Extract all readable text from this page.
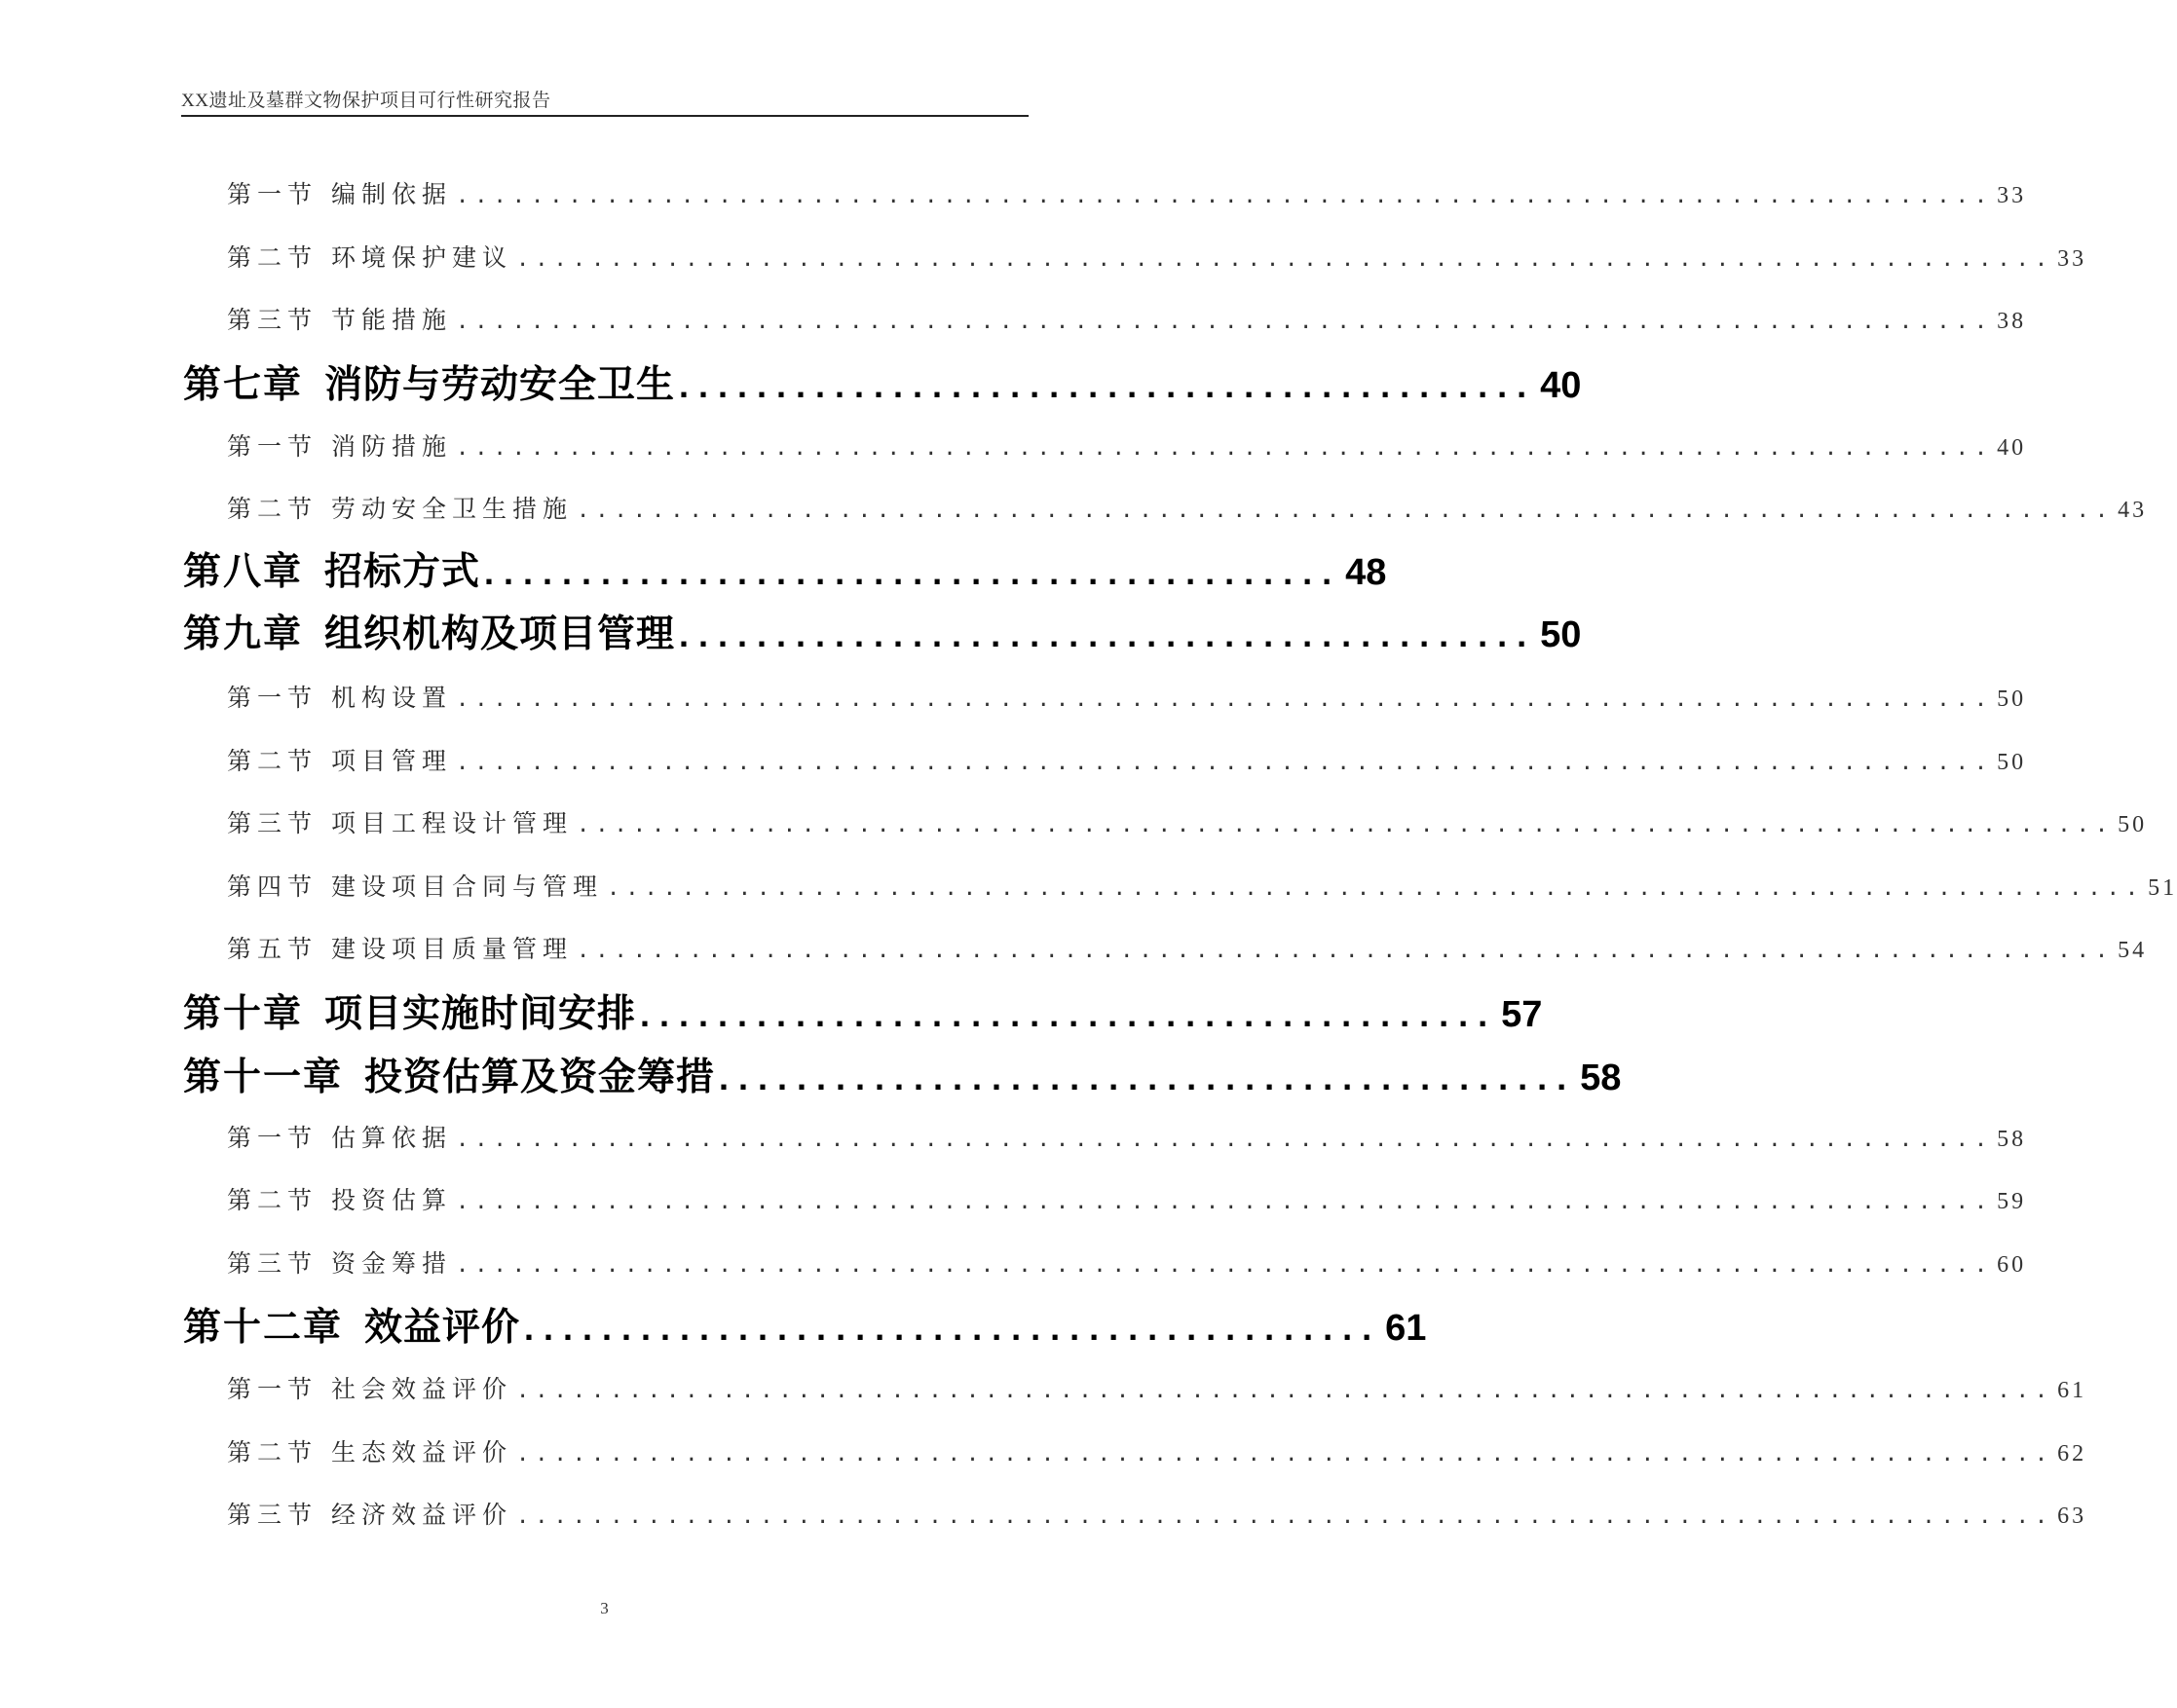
XX遗址及墓群文物保护项目可行性研究报告
第一节 编制依据 .................................................................................. 33
第二节 环境保护建议 .................................................................................. 33
第三节 节能措施 .................................................................................. 38
第七章 消防与劳动安全卫生 ............................................ 40
第一节 消防措施 .................................................................................. 40
第二节 劳动安全卫生措施 .................................................................................. 43
第八章 招标方式 ............................................ 48
第九章 组织机构及项目管理 ............................................ 50
第一节 机构设置 .................................................................................. 50
第二节 项目管理 .................................................................................. 50
第三节 项目工程设计管理 .................................................................................. 50
第四节 建设项目合同与管理 .................................................................................. 51
第五节 建设项目质量管理 .................................................................................. 54
第十章 项目实施时间安排 ............................................ 57
第十一章 投资估算及资金筹措 ............................................ 58
第一节 估算依据 .................................................................................. 58
第二节 投资估算 .................................................................................. 59
第三节 资金筹措 .................................................................................. 60
第十二章 效益评价 ............................................ 61
第一节 社会效益评价 .................................................................................. 61
第二节 生态效益评价 .................................................................................. 62
第三节 经济效益评价 .................................................................................. 63
3
